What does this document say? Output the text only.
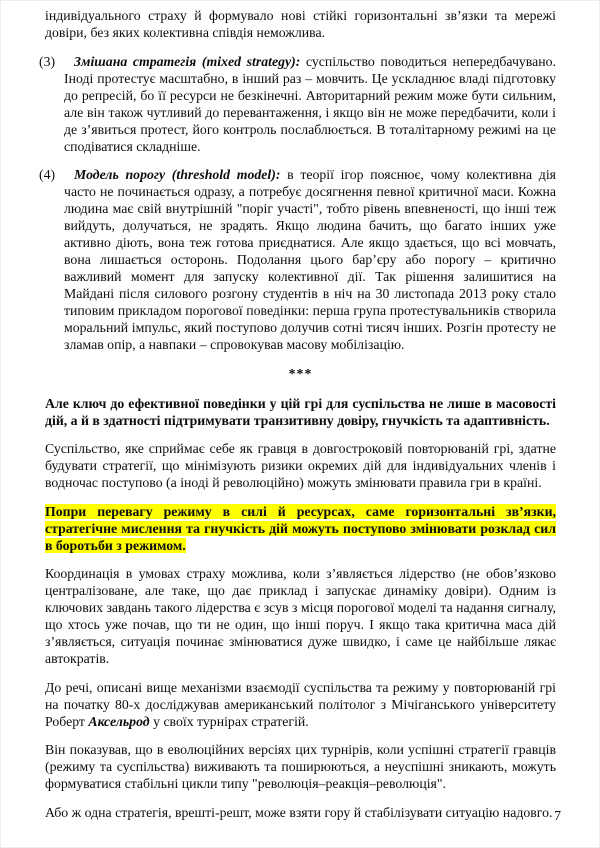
індивідуального страху й формувало нові стійкі горизонтальні зв’язки та мережі довіри, без яких колективна співдія неможлива.

(3)	Змішана стратегія (mixed strategy): суспільство поводиться непередбачувано. Іноді протестує масштабно, в інший раз – мовчить. Це ускладнює владі підготовку до репресій, бо її ресурси не безкінечні. Авторитарний режим може бути сильним, але він також чутливий до перевантаження, і якщо він не може передбачити, коли і де з’явиться протест, його контроль послаблюється. В тоталітарному режимі на це сподіватися складніше.
(4)	Модель порогу (threshold model): в теорії ігор пояснює, чому колективна дія часто не починається одразу, а потребує досягнення певної критичної маси. Кожна людина має свій внутрішній "поріг участі", тобто рівень впевненості, що інші теж вийдуть, долучаться, не зрадять. Якщо людина бачить, що багато інших уже активно діють, вона теж готова приєднатися. Але якщо здається, що всі мовчать, вона лишається осторонь. Подолання цього бар’єру або порогу – критично важливий момент для запуску колективної дії. Так рішення залишитися на Майдані після силового розгону студентів в ніч на 30 листопада 2013 року стало типовим прикладом порогової поведінки: перша група протестувальників створила моральний імпульс, який поступово долучив сотні тисяч інших. Розгін протесту не зламав опір, а навпаки – спровокував масову мобілізацію.

***

Але ключ до ефективної поведінки у цій грі для суспільства не лише в масовості дій, а й в здатності підтримувати транзитивну довіру, гнучкість та адаптивність.

Суспільство, яке сприймає себе як гравця в довгостроковій повторюваній грі, здатне будувати стратегії, що мінімізують ризики окремих дій для індивідуальних членів і водночас поступово (а іноді й революційно) можуть змінювати правила гри в країні.

Попри перевагу режиму в силі й ресурсах, саме горизонтальні зв’язки, стратегічне мислення та гнучкість дій можуть поступово змінювати розклад сил в боротьби з режимом.

Координація в умовах страху можлива, коли з’являється лідерство (не обов’язково централізоване, але таке, що дає приклад і запускає динаміку довіри). Одним із ключових завдань такого лідерства є зсув з місця порогової моделі та надання сигналу, що хтось уже почав, що ти не один, що інші поруч. І якщо така критична маса дій з’являється, ситуація починає змінюватися дуже швидко, і саме це найбільше лякає автократів.

До речі, описані вище механізми взаємодії суспільства та режиму у повторюваній грі на початку 80-х досліджував американський політолог з Мічіганського університету Роберт Аксельрод у своїх турнірах стратегій.

Він показував, що в еволюційних версіях цих турнірів, коли успішні стратегії гравців (режиму та суспільства) виживають та поширюються, а неуспішні зникають, можуть формуватися стабільні цикли типу "революція–реакція–революція".

Або ж одна стратегія, врешті-решт, може взяти гору й стабілізувати ситуацію надовго. 7
